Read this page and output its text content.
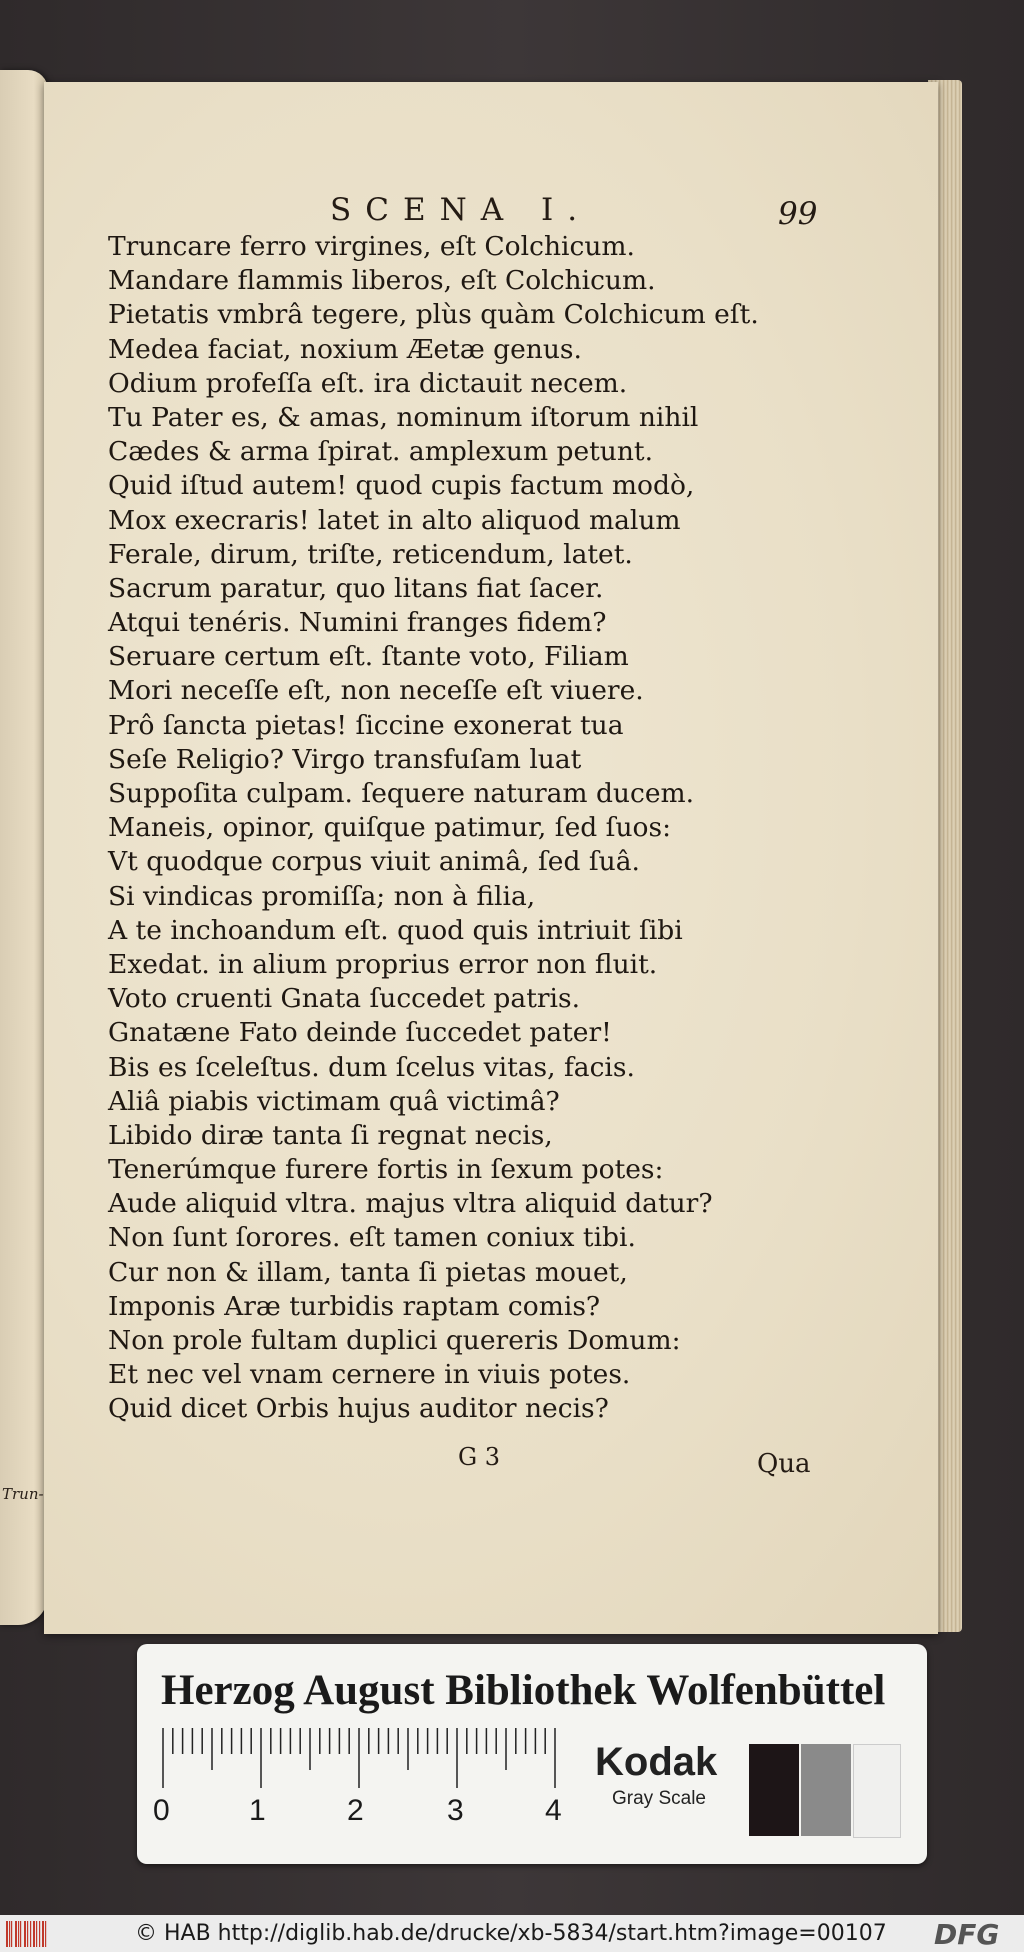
Trun-
SCENA I.	99
Truncare ferro virgines, eſt Colchicum.
Mandare flammis liberos, eſt Colchicum.
Pietatis vmbrâ tegere, plùs quàm Colchicum eſt.
Medea faciat, noxium Æetæ genus.
Odium profeſſa eſt. ira dictauit necem.
Tu Pater es, & amas, nominum iſtorum nihil
Cædes & arma ſpirat. amplexum petunt.
Quid iſtud autem! quod cupis factum modò,
Mox execraris! latet in alto aliquod malum
Ferale, dirum, triſte, reticendum, latet.
Sacrum paratur, quo litans fiat ſacer.
Atqui tenéris. Numini franges fidem?
Seruare certum eſt. ſtante voto, Filiam
Mori neceſſe eſt, non neceſſe eſt viuere.
Prô ſancta pietas! ſiccine exonerat tua
Seſe Religio? Virgo transfuſam luat
Suppoſita culpam. ſequere naturam ducem.
Maneis, opinor, quiſque patimur, ſed ſuos:
Vt quodque corpus viuit animâ, ſed ſuâ.
Si vindicas promiſſa; non à filia,
A te inchoandum eſt. quod quis intriuit ſibi
Exedat. in alium proprius error non fluit.
Voto cruenti Gnata ſuccedet patris.
Gnatæne Fato deinde ſuccedet pater!
Bis es ſceleſtus. dum ſcelus vitas, facis.
Aliâ piabis victimam quâ victimâ?
Libido diræ tanta ſi regnat necis,
Tenerúmque furere fortis in ſexum potes:
Aude aliquid vltra. majus vltra aliquid datur?
Non ſunt ſorores. eſt tamen coniux tibi.
Cur non & illam, tanta ſi pietas mouet,
Imponis Aræ turbidis raptam comis?
Non prole fultam duplici quereris Domum:
Et nec vel vnam cernere in viuis potes.
Quid dicet Orbis hujus auditor necis?
G 3	Qua
Herzog August Bibliothek Wolfenbüttel
0	1	2	3	4
Kodak
Gray Scale
© HAB http://diglib.hab.de/drucke/xb-5834/start.htm?image=00107 DFG
